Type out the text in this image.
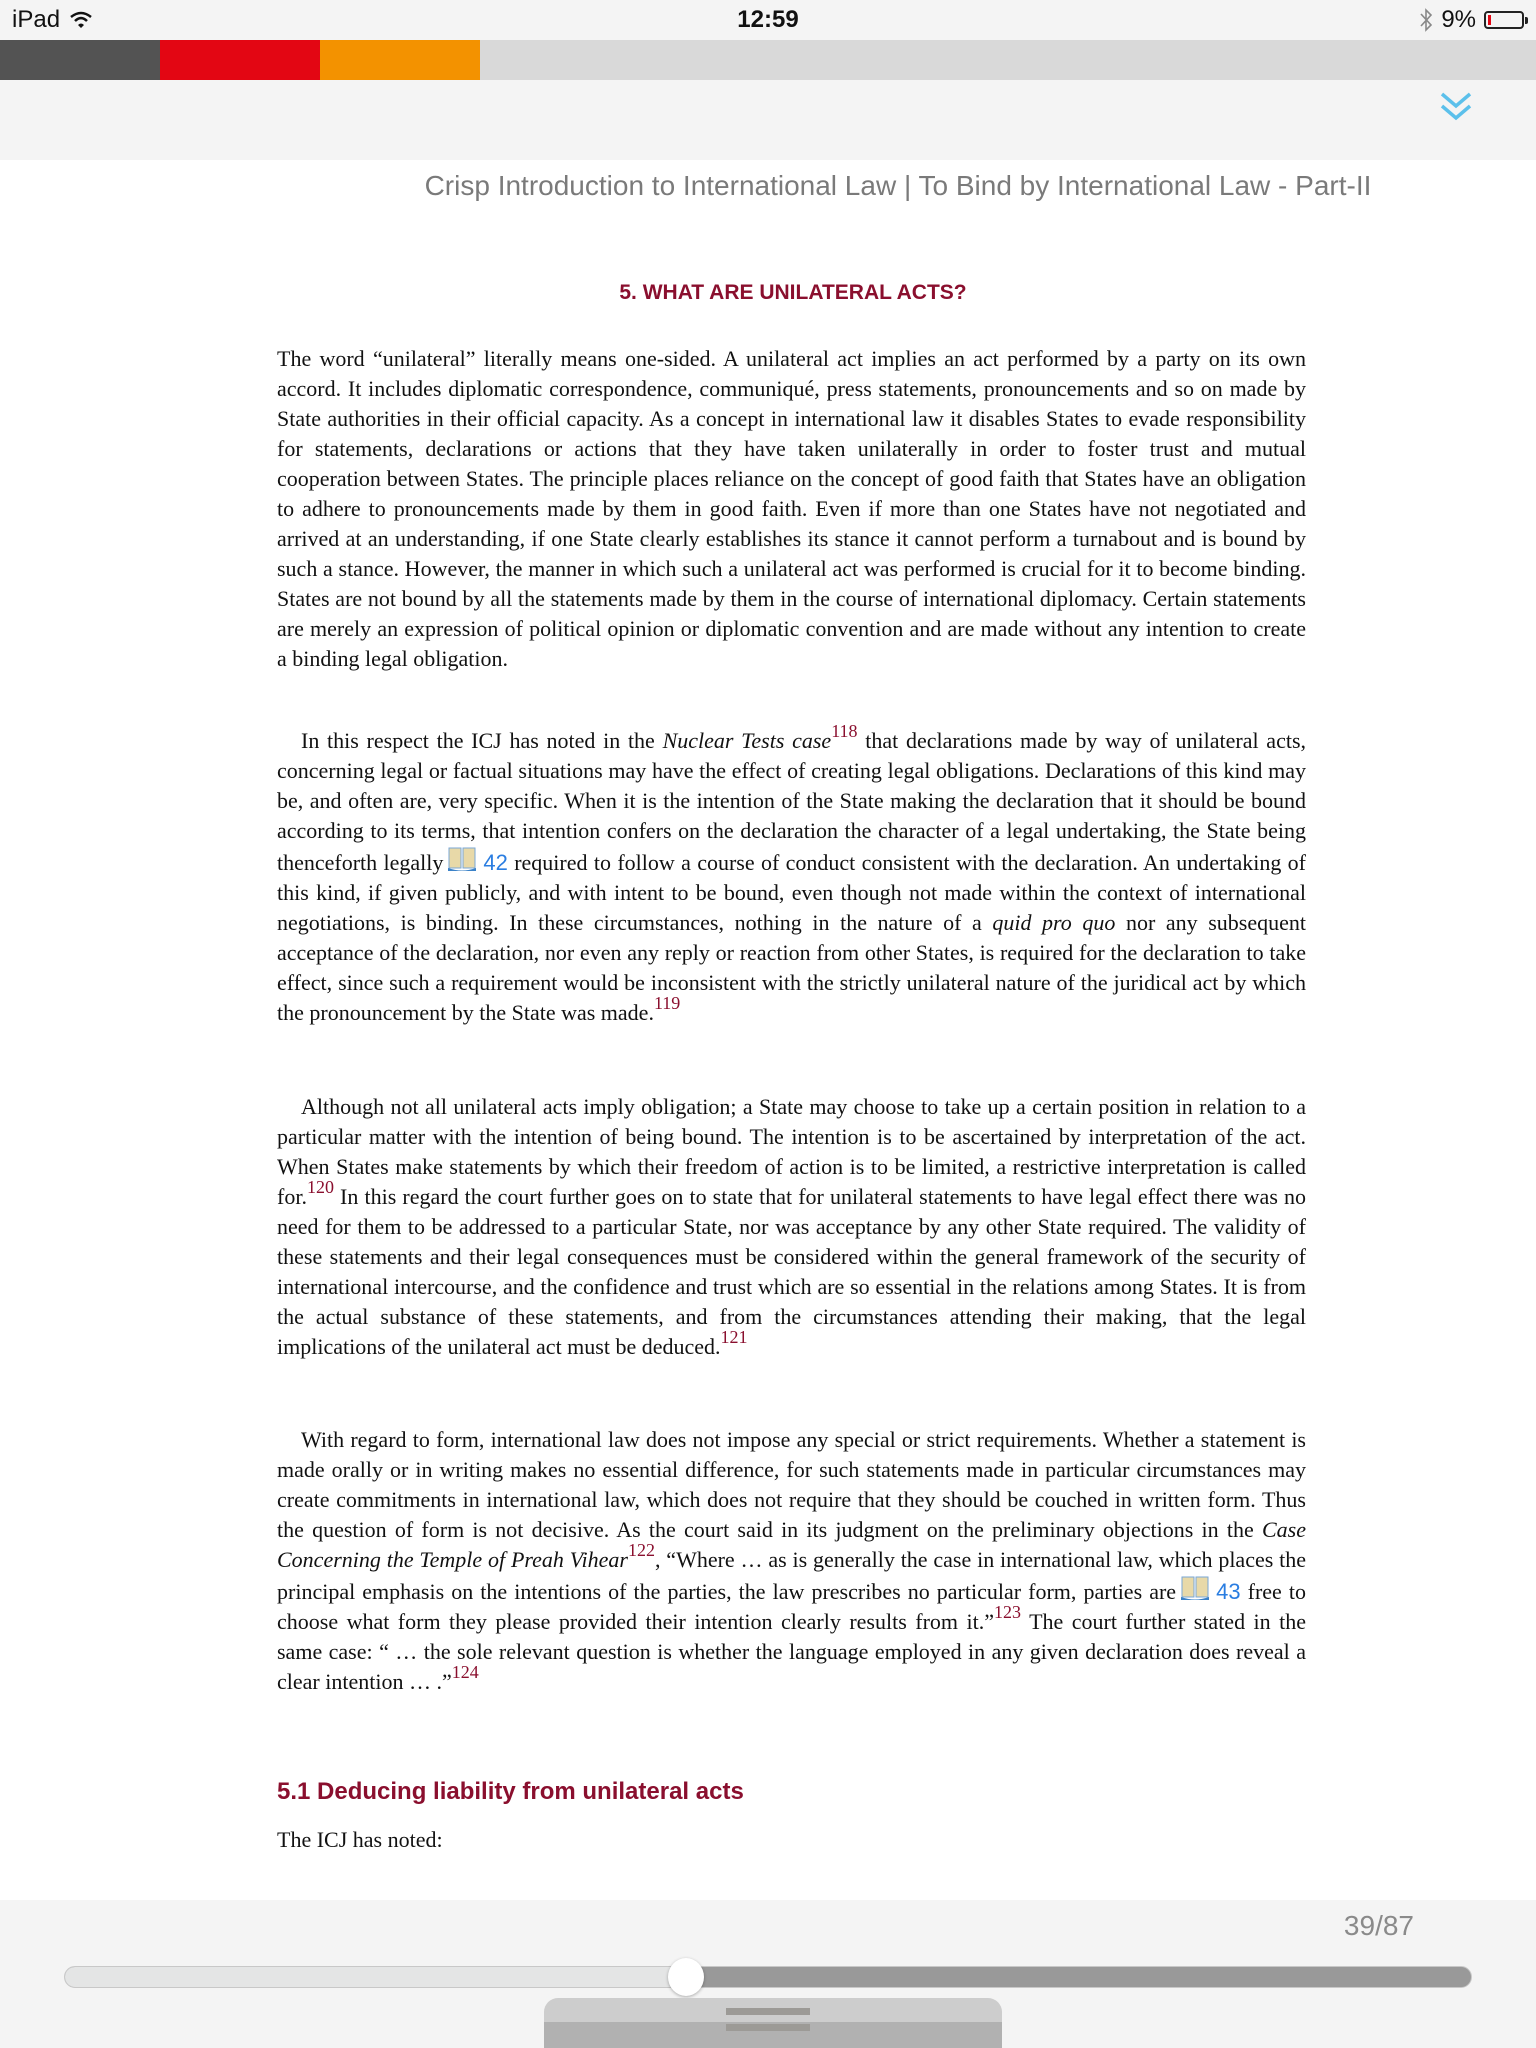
iPad	12:59	9%
Crisp Introduction to International Law | To Bind by International Law - Part-II
5. WHAT ARE UNILATERAL ACTS?

The word “unilateral” literally means one-sided. A unilateral act implies an act performed by a party on its own accord. It includes diplomatic correspondence, communiqué, press statements, pronouncements and so on made by State authorities in their official capacity. As a concept in international law it disables States to evade responsibility for statements, declarations or actions that they have taken unilaterally in order to foster trust and mutual cooperation between States. The principle places reliance on the concept of good faith that States have an obligation to adhere to pronouncements made by them in good faith. Even if more than one States have not negotiated and arrived at an understanding, if one State clearly establishes its stance it cannot perform a turnabout and is bound by such a stance. However, the manner in which such a unilateral act was performed is crucial for it to become binding. States are not bound by all the statements made by them in the course of international diplomacy. Certain statements are merely an expression of political opinion or diplomatic convention and are made without any intention to create a binding legal obligation.

In this respect the ICJ has noted in the Nuclear Tests case$^{118}$ that declarations made by way of unilateral acts, concerning legal or factual situations may have the effect of creating legal obligations. Declarations of this kind may be, and often are, very specific. When it is the intention of the State making the declaration that it should be bound according to its terms, that intention confers on the declaration the character of a legal undertaking, the State being thenceforth legally 42 required to follow a course of conduct consistent with the declaration. An undertaking of this kind, if given publicly, and with intent to be bound, even though not made within the context of international negotiations, is binding. In these circumstances, nothing in the nature of a quid pro quo nor any subsequent acceptance of the declaration, nor even any reply or reaction from other States, is required for the declaration to take effect, since such a requirement would be inconsistent with the strictly unilateral nature of the juridical act by which the pronouncement by the State was made.$^{119}$

Although not all unilateral acts imply obligation; a State may choose to take up a certain position in relation to a particular matter with the intention of being bound. The intention is to be ascertained by interpretation of the act. When States make statements by which their freedom of action is to be limited, a restrictive interpretation is called for.$^{120}$ In this regard the court further goes on to state that for unilateral statements to have legal effect there was no need for them to be addressed to a particular State, nor was acceptance by any other State required. The validity of these statements and their legal consequences must be considered within the general framework of the security of international intercourse, and the confidence and trust which are so essential in the relations among States. It is from the actual substance of these statements, and from the circumstances attending their making, that the legal implications of the unilateral act must be deduced.$^{121}$

With regard to form, international law does not impose any special or strict requirements. Whether a statement is made orally or in writing makes no essential difference, for such statements made in particular circumstances may create commitments in international law, which does not require that they should be couched in written form. Thus the question of form is not decisive. As the court said in its judgment on the preliminary objections in the Case Concerning the Temple of Preah Vihear$^{122}$, “Where … as is generally the case in international law, which places the principal emphasis on the intentions of the parties, the law prescribes no particular form, parties are 43 free to choose what form they please provided their intention clearly results from it.”$^{123}$ The court further stated in the same case: “ … the sole relevant question is whether the language employed in any given declaration does reveal a clear intention … .”$^{124}$

5.1 Deducing liability from unilateral acts

The ICJ has noted:

39/87
